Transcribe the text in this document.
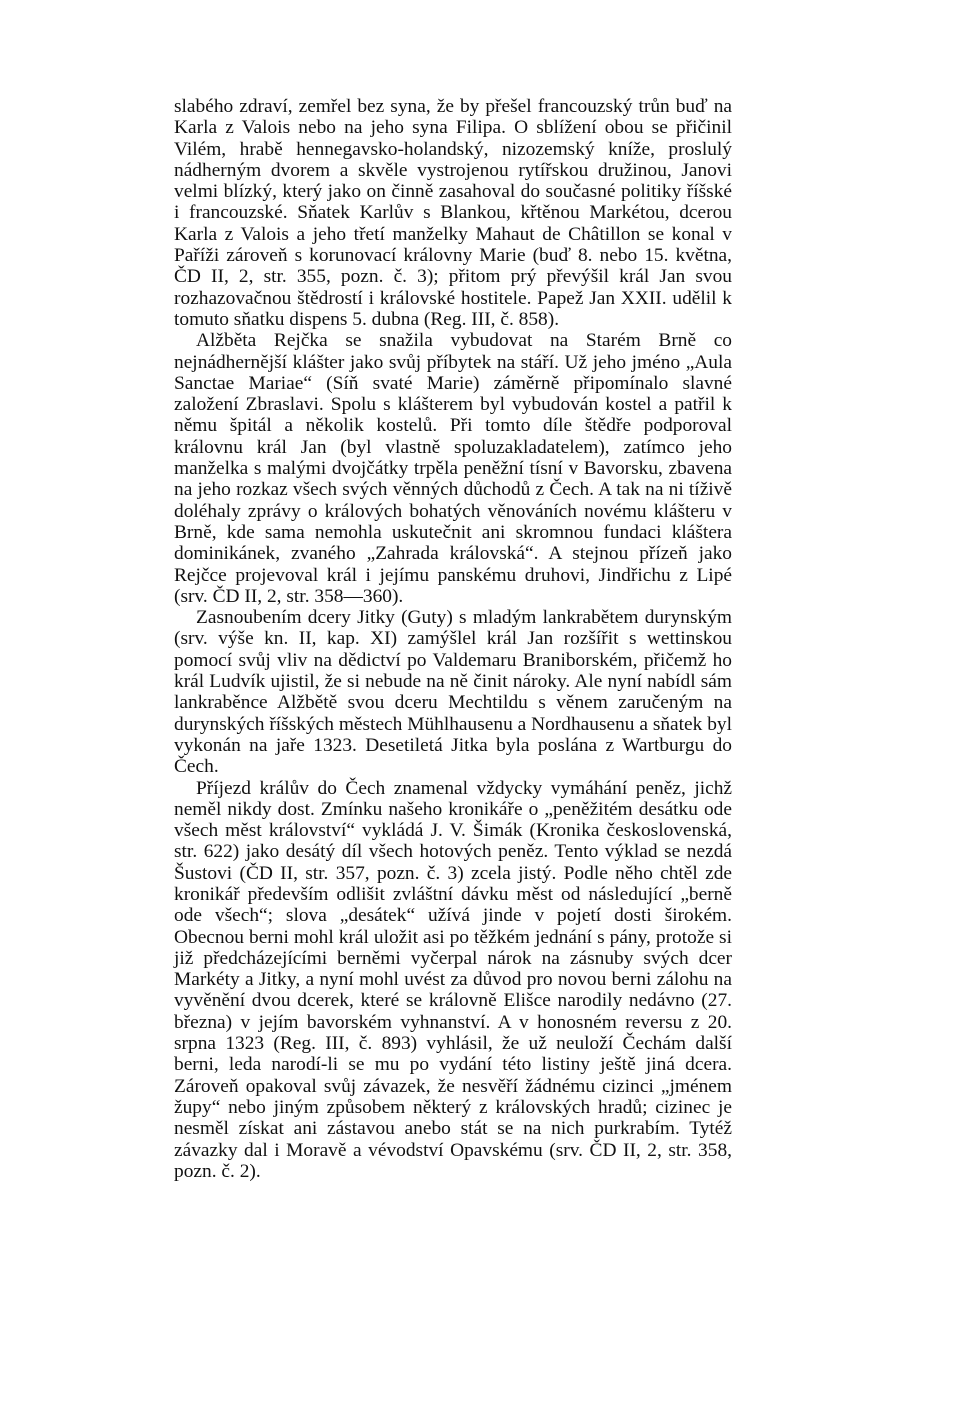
slabého zdraví, zemřel bez syna, že by přešel francouzský trůn buď na Karla z Valois nebo na jeho syna Filipa. O sblížení obou se přičinil Vilém, hrabě hennegavsko-holandský, nizozemský kníže, proslulý nádherným dvorem a skvěle vystrojenou rytířskou družinou, Janovi velmi blízký, který jako on činně zasahoval do současné politiky říšské i francouzské. Sňatek Karlův s Blankou, křtěnou Markétou, dcerou Karla z Valois a jeho třetí manželky Mahaut de Châtillon se konal v Paříži zároveň s korunovací královny Marie (buď 8. nebo 15. května, ČD II, 2, str. 355, pozn. č. 3); přitom prý převýšil král Jan svou rozhazovačnou štědrostí i královské hostitele. Papež Jan XXII. udělil k tomuto sňatku dispens 5. dubna (Reg. III, č. 858).

Alžběta Rejčka se snažila vybudovat na Starém Brně co nejnádhernější klášter jako svůj příbytek na stáří. Už jeho jméno „Aula Sanctae Mariae“ (Síň svaté Marie) záměrně připomínalo slavné založení Zbraslavi. Spolu s klášterem byl vybudován kostel a patřil k němu špitál a několik kostelů. Při tomto díle štědře podporoval královnu král Jan (byl vlastně spoluzakladatelem), zatímco jeho manželka s malými dvojčátky trpěla peněžní tísní v Bavorsku, zbavena na jeho rozkaz všech svých věnných důchodů z Čech. A tak na ni tíživě doléhaly zprávy o králových bohatých věnováních novému klášteru v Brně, kde sama nemohla uskutečnit ani skromnou fundaci kláštera dominikánek, zvaného „Zahrada královská“. A stejnou přízeň jako Rejčce projevoval král i jejímu panskému druhovi, Jindřichu z Lipé (srv. ČD II, 2, str. 358—360).

Zasnoubením dcery Jitky (Guty) s mladým lankrabětem durynským (srv. výše kn. II, kap. XI) zamýšlel král Jan rozšířit s wettinskou pomocí svůj vliv na dědictví po Valdemaru Braniborském, přičemž ho král Ludvík ujistil, že si nebude na ně činit nároky. Ale nyní nabídl sám lankraběnce Alžbětě svou dceru Mechtildu s věnem zaručeným na durynských říšských městech Mühlhausenu a Nordhausenu a sňatek byl vykonán na jaře 1323. Desetiletá Jitka byla poslána z Wartburgu do Čech.

Příjezd králův do Čech znamenal vždycky vymáhání peněz, jichž neměl nikdy dost. Zmínku našeho kronikáře o „peněžitém desátku ode všech měst království“ vykládá J. V. Šimák (Kronika československá, str. 622) jako desátý díl všech hotových peněz. Tento výklad se nezdá Šustovi (ČD II, str. 357, pozn. č. 3) zcela jistý. Podle něho chtěl zde kronikář především odlišit zvláštní dávku měst od následující „berně ode všech“; slova „desátek“ užívá jinde v pojetí dosti širokém. Obecnou berni mohl král uložit asi po těžkém jednání s pány, protože si již předcházejícími berněmi vyčerpal nárok na zásnuby svých dcer Markéty a Jitky, a nyní mohl uvést za důvod pro novou berni zálohu na vyvěnění dvou dcerek, které se královně Elišce narodily nedávno (27. března) v jejím bavorském vyhnanství. A v honosném reversu z 20. srpna 1323 (Reg. III, č. 893) vyhlásil, že už neuloží Čechám další berni, leda narodí-li se mu po vydání této listiny ještě jiná dcera. Zároveň opakoval svůj závazek, že nesvěří žádnému cizinci „jménem župy“ nebo jiným způsobem některý z královských hradů; cizinec je nesměl získat ani zástavou anebo stát se na nich purkrabím. Tytéž závazky dal i Moravě a vévodství Opavskému (srv. ČD II, 2, str. 358, pozn. č. 2).
